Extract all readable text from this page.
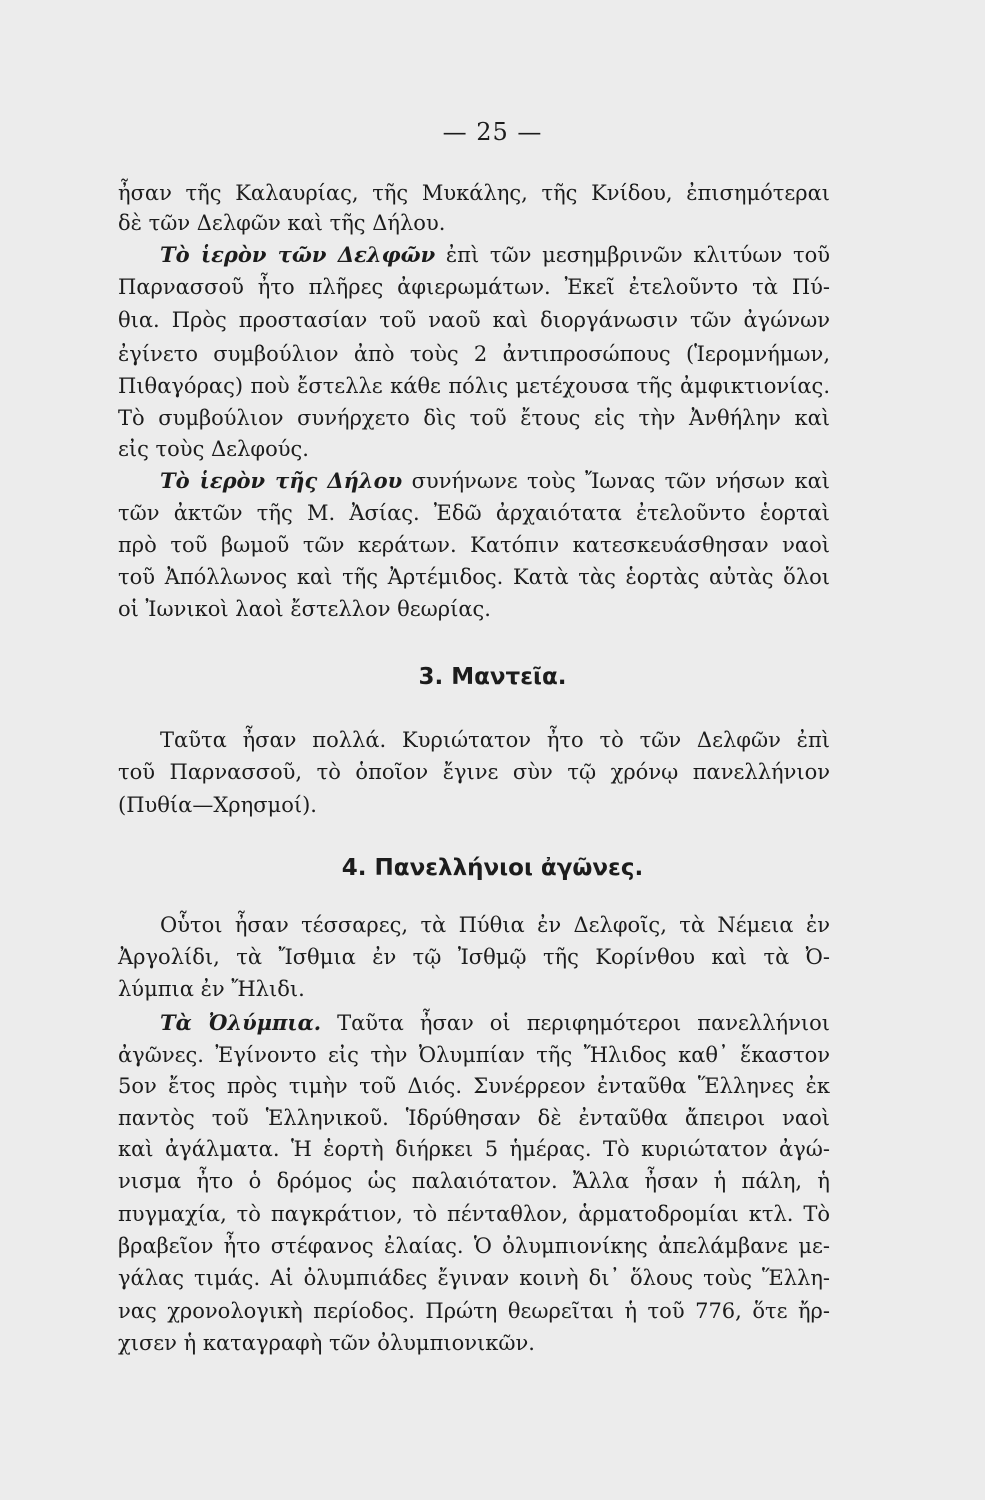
— 25 —
ἦσαν τῆς Καλαυρίας, τῆς Μυκάλης, τῆς Κνίδου, ἐπισημότεραι
δὲ τῶν Δελφῶν καὶ τῆς Δήλου.
Τὸ ἱερὸν τῶν Δελφῶν ἐπὶ τῶν μεσημβρινῶν κλιτύων τοῦ
Παρνασσοῦ ἦτο πλῆρες ἀφιερωμάτων. Ἐκεῖ ἐτελοῦντο τὰ Πύ-
θια. Πρὸς προστασίαν τοῦ ναοῦ καὶ διοργάνωσιν τῶν ἀγώνων
ἐγίνετο συμβούλιον ἀπὸ τοὺς 2 ἀντιπροσώπους (Ἱερομνήμων,
Πιθαγόρας) ποὺ ἔστελλε κάθε πόλις μετέχουσα τῆς ἀμφικτιονίας.
Τὸ συμβούλιον συνήρχετο δὶς τοῦ ἔτους εἰς τὴν Ἀνθήλην καὶ
εἰς τοὺς Δελφούς.
Τὸ ἱερὸν τῆς Δήλου συνήνωνε τοὺς Ἴωνας τῶν νήσων καὶ
τῶν ἀκτῶν τῆς Μ. Ἀσίας. Ἐδῶ ἀρχαιότατα ἐτελοῦντο ἑορταὶ
πρὸ τοῦ βωμοῦ τῶν κεράτων. Κατόπιν κατεσκευάσθησαν ναοὶ
τοῦ Ἀπόλλωνος καὶ τῆς Ἀρτέμιδος. Κατὰ τὰς ἑορτὰς αὐτὰς ὅλοι
οἱ Ἰωνικοὶ λαοὶ ἔστελλον θεωρίας.
3. Μαντεῖα.
Ταῦτα ἦσαν πολλά. Κυριώτατον ἦτο τὸ τῶν Δελφῶν ἐπὶ
τοῦ Παρνασσοῦ, τὸ ὁποῖον ἔγινε σὺν τῷ χρόνῳ πανελλήνιον
(Πυθία—Χρησμοί).
4. Πανελλήνιοι ἀγῶνες.
Οὗτοι ἦσαν τέσσαρες, τὰ Πύθια ἐν Δελφοῖς, τὰ Νέμεια ἐν
Ἀργολίδι, τὰ Ἴσθμια ἐν τῷ Ἰσθμῷ τῆς Κορίνθου καὶ τὰ Ὀ-
λύμπια ἐν Ἤλιδι.
Τὰ Ὀλύμπια. Ταῦτα ἦσαν οἱ περιφημότεροι πανελλήνιοι
ἀγῶνες. Ἐγίνοντο εἰς τὴν Ὀλυμπίαν τῆς Ἤλιδος καθ᾽ ἕκαστον
5ον ἔτος πρὸς τιμὴν τοῦ Διός. Συνέρρεον ἐνταῦθα Ἕλληνες ἐκ
παντὸς τοῦ Ἑλληνικοῦ. Ἱδρύθησαν δὲ ἐνταῦθα ἄπειροι ναοὶ
καὶ ἀγάλματα. Ἡ ἑορτὴ διήρκει 5 ἡμέρας. Τὸ κυριώτατον ἀγώ-
νισμα ἦτο ὁ δρόμος ὡς παλαιότατον. Ἄλλα ἦσαν ἡ πάλη, ἡ
πυγμαχία, τὸ παγκράτιον, τὸ πένταθλον, ἁρματοδρομίαι κτλ. Τὸ
βραβεῖον ἦτο στέφανος ἐλαίας. Ὁ ὀλυμπιονίκης ἀπελάμβανε με-
γάλας τιμάς. Αἱ ὀλυμπιάδες ἔγιναν κοινὴ δι᾽ ὅλους τοὺς Ἕλλη-
νας χρονολογικὴ περίοδος. Πρώτη θεωρεῖται ἡ τοῦ 776, ὅτε ἤρ-
χισεν ἡ καταγραφὴ τῶν ὀλυμπιονικῶν.
